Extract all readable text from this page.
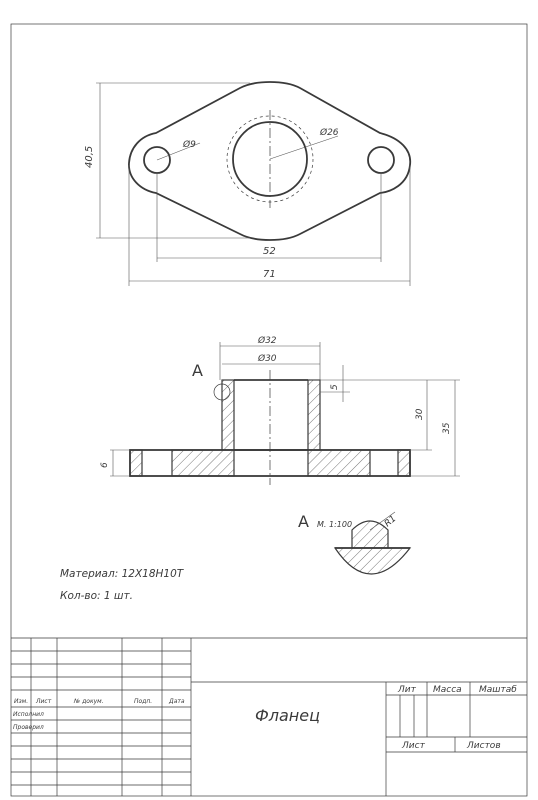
40,5
Ø9
Ø26
52
71
A
Ø32
Ø30
5
30
35
6
A М. 1:100	R1
Материал: 12Х18Н10Т
Кол-во: 1 шт.
Изм. Лист	№ докум.	Подп.	Дата
Исполнил
Проверил
Фланец
Лит Масса Маштаб
Лист	Листов
